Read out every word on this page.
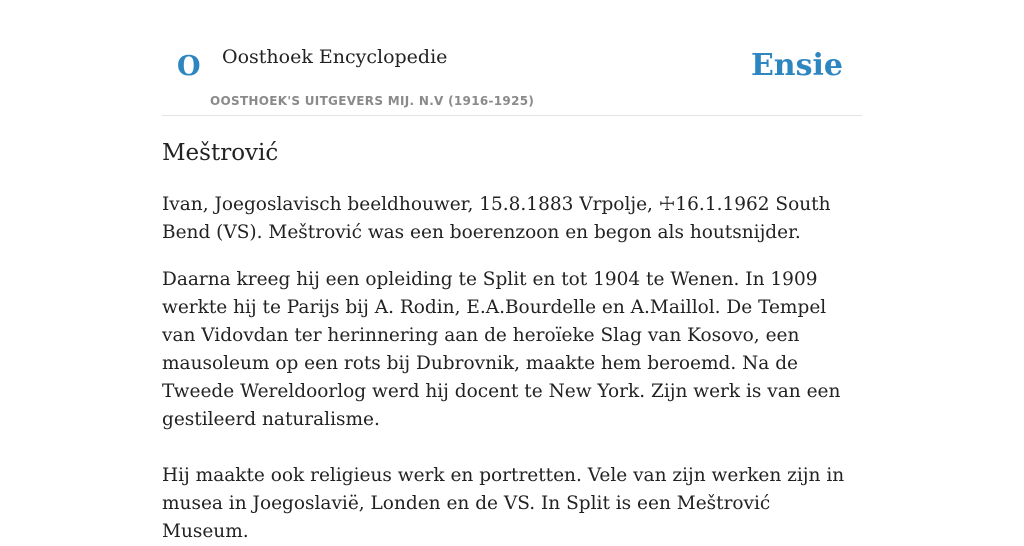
O Oosthoek Encyclopedie
OOSTHOEK'S UITGEVERS MIJ. N.V (1916-1925)
Ensie
Meštrović

Ivan, Joegoslavisch beeldhouwer, 15.8.1883 Vrpolje, ☩16.1.1962 South Bend (VS). Meštrović was een boerenzoon en begon als houtsnijder.

Daarna kreeg hij een opleiding te Split en tot 1904 te Wenen. In 1909 werkte hij te Parijs bij A. Rodin, E.A.Bourdelle en A.Maillol. De Tempel van Vidovdan ter herinnering aan de heroïeke Slag van Kosovo, een mausoleum op een rots bij Dubrovnik, maakte hem beroemd. Na de Tweede Wereldoorlog werd hij docent te New York. Zijn werk is van een gestileerd naturalisme.

Hij maakte ook religieus werk en portretten. Vele van zijn werken zijn in musea in Joegoslavië, Londen en de VS. In Split is een Meštrović Museum.
